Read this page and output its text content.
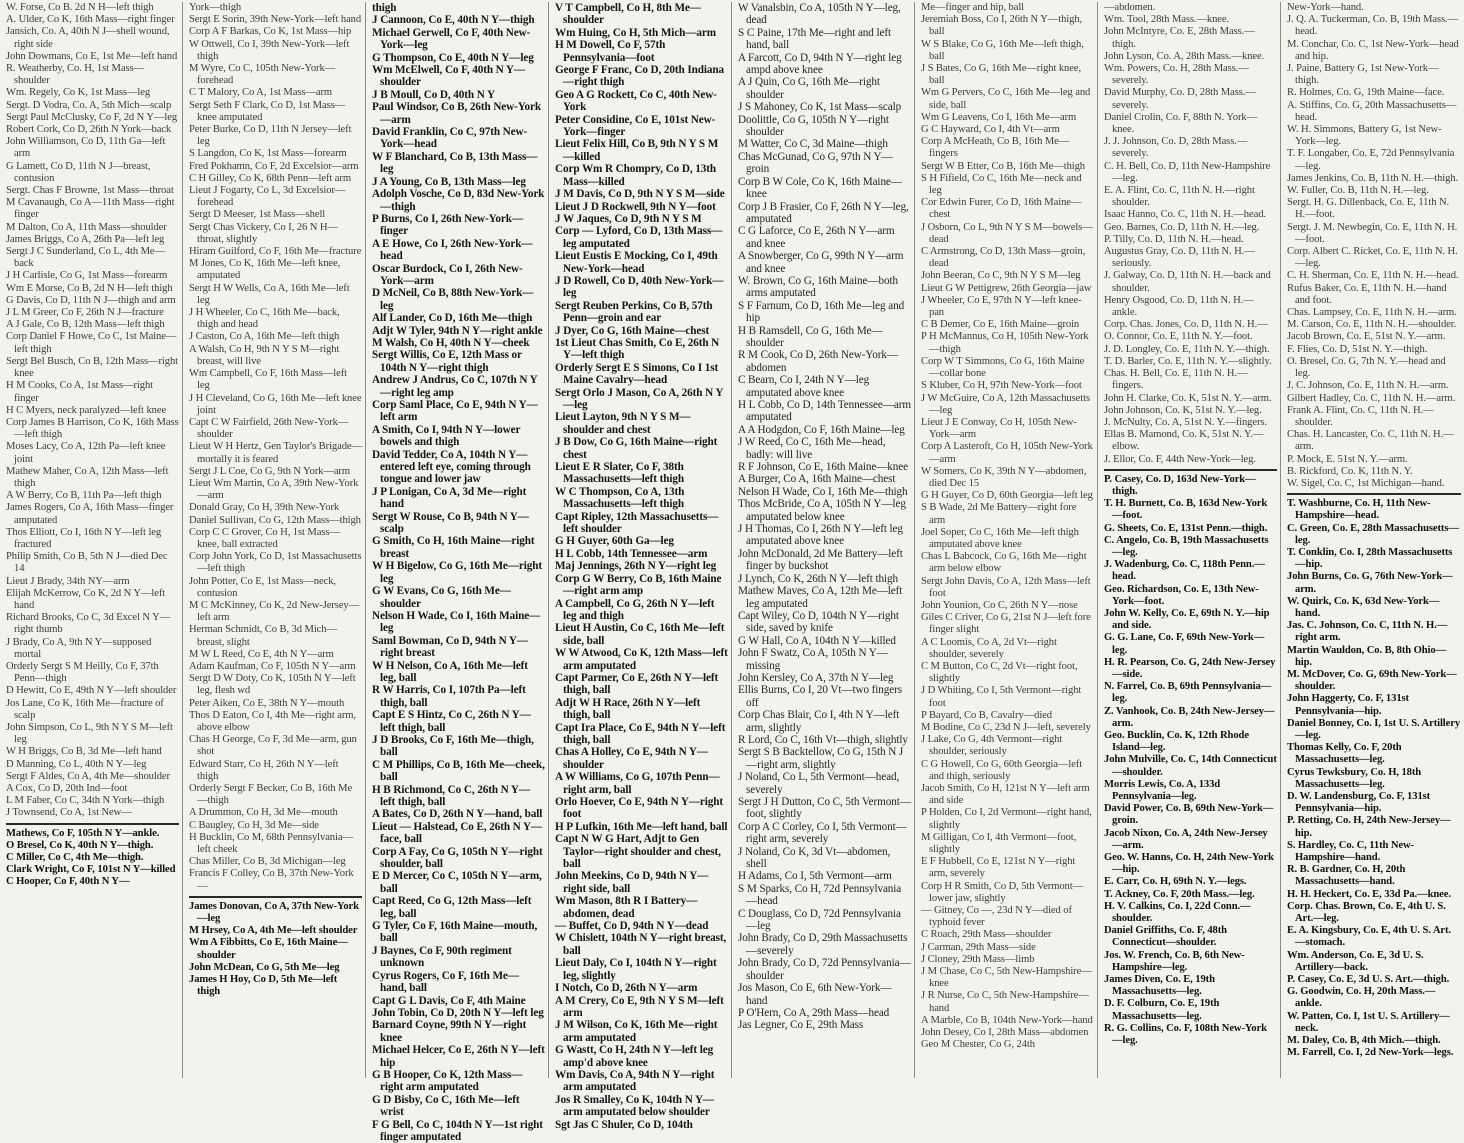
W. Forse, Co B. 2d N H—left thigh

A. Ulder, Co K, 16th Mass—right finger

Jansich, Co. A, 40th N J—shell wound, right side

John Dowmans, Co E, 1st Me—left hand

R. Weatherby, Co. H, 1st Mass—shoulder

Wm. Regely, Co K, 1st Mass—leg

Sergt. D Vodra, Co. A, 5th Mich—scalp

Sergt Paul McClusky, Co F, 2d N Y—leg

Robert Cork, Co D, 26th N York—back

John Williamson, Co D, 11th Ga—left arm

G Lamett, Co D, 11th N J—breast, contusion

Sergt. Chas F Browne, 1st Mass—throat

M Cavanaugh, Co A—11th Mass—right finger

M Dalton, Co A, 11th Mass—shoulder

James Briggs, Co A, 26th Pa—left leg

Sergt J C Sunderland, Co L, 4th Me—back

J H Carlisle, Co G, 1st Mass—forearm

Wm E Morse, Co B, 2d N H—left thigh

G Davis, Co D, 11th N J—thigh and arm

J L M Greer, Co F, 26th N J—fracture

A J Gale, Co B, 12th Mass—left thigh

Corp Daniel F Howe, Co C, 1st Maine—left thigh

Sergt Bel Busch, Co B, 12th Mass—right knee

H M Cooks, Co A, 1st Mass—right finger

H C Myers, neck paralyzed—left knee

Corp James B Harrison, Co K, 16th Mass—left thigh

Moses Lacy, Co A, 12th Pa—left knee joint

Mathew Maher, Co A, 12th Mass—left thigh

A W Berry, Co B, 11th Pa—left thigh

James Rogers, Co A, 16th Mass—finger amputated

Thos Elliott, Co I, 16th N Y—left leg fractured

Philip Smith, Co B, 5th N J—died Dec 14

Lieut J Brady, 34th NY—arm

Elijah McKerrow, Co K, 2d N Y—left hand

Richard Brooks, Co C, 3d Excel N Y—right thumb

J Brady, Co A, 9th N Y—supposed mortal

Orderly Sergt S M Heilly, Co F, 37th Penn—thigh

D Hewitt, Co E, 49th N Y—left shoulder

Jos Lane, Co K, 16th Me—fracture of scalp

John Simpson, Co L, 9th N Y S M—left leg

W H Briggs, Co B, 3d Me—left hand

D Manning, Co L, 40th N Y—leg

Sergt F Aldes, Co A, 4th Me—shoulder

A Cox, Co D, 20th Ind—foot

L M Faber, Co C, 34th N York—thigh

J Townsend, Co A, 1st New—

Mathews, Co F, 105th N Y—ankle.

O Bresel, Co K, 40th N Y—thigh.

C Miller, Co C, 4th Me—thigh.

Clark Wright, Co F, 101st N Y—killed

C Hooper, Co F, 40th N Y—

York—thigh

Sergt E Sorin, 39th New-York—left hand

Corp A F Barkas, Co K, 1st Mass—hip

W Ottwell, Co I, 39th New-York—left thigh

M Wyre, Co C, 105th New-York—forehead

C T Malory, Co A, 1st Mass—arm

Sergt Seth F Clark, Co D, 1st Mass—knee amputated

Peter Burke, Co D, 11th N Jersey—left leg

S Langdon, Co K, 1st Mass—forearm

Fred Pokhamn, Co F, 2d Excelsior—arm

C H Gilley, Co K, 68th Penn—left arm

Lieut J Fogarty, Co L, 3d Excelsior—forehead

Sergt D Meeser, 1st Mass—shell

Sergt Chas Vickery, Co I, 26 N H—throat, slightly

Hiram Guilford, Co F, 16th Me—fracture

M Jones, Co K, 16th Me—left knee, amputated

Sergt H W Wells, Co A, 16th Me—left leg

J H Wheeler, Co C, 16th Me—back, thigh and head

J Caston, Co A, 16th Me—left thigh

A Walsh, Co H, 9th N Y S M—right breast, will live

Wm Campbell, Co F, 16th Mass—left leg

J H Cleveland, Co G, 16th Me—left knee joint

Capt C W Fairfield, 26th New-York—shoulder

Lieut W H Hertz, Gen Taylor's Brigade—mortally it is feared

Sergt J L Coe, Co G, 9th N York—arm

Lieut Wm Martin, Co A, 39th New-York—arm

Donald Gray, Co H, 39th New-York

Daniel Sullivan, Co G, 12th Mass—thigh

Corp C C Grover, Co H, 1st Mass—knee, ball extracted

Corp John York, Co D, 1st Massachusetts—left thigh

John Potter, Co E, 1st Mass—neck, contusion

M C McKinney, Co K, 2d New-Jersey—left arm

Herman Schmidt, Co B, 3d Mich—breast, slight

M W L Reed, Co E, 4th N Y—arm

Adam Kaufman, Co F, 105th N Y—arm

Sergt D W Doty, Co K, 105th N Y—left leg, flesh wd

Peter Aiken, Co E, 38th N Y—mouth

Thos D Eaton, Co I, 4th Me—right arm, above elbow

Chas H George, Co F, 3d Me—arm, gun shot

Edward Starr, Co H, 26th N Y—left thigh

Orderly Sergt F Becker, Co B, 16th Me—thigh

A Drummon, Co H, 3d Me—mouth

C Baugley, Co H, 3d Me—side

H Bucklin, Co M, 68th Pennsylvania—left cheek

Chas Miller, Co B, 3d Michigan—leg

Francis F Colley, Co B, 37th New-York—

James Donovan, Co A, 37th New-York—leg

M Hrsey, Co A, 4th Me—left shoulder

Wm A Fibbitts, Co E, 16th Maine—shoulder

John McDean, Co G, 5th Me—leg

James H Hoy, Co D, 5th Me—left thigh

thigh

J Cannoon, Co E, 40th N Y—thigh

Michael Gerwell, Co F, 40th New-York—leg

G Thompson, Co E, 40th N Y—leg

Wm McElwell, Co F, 40th N Y—shoulder

J B Moull, Co D, 40th N Y

Paul Windsor, Co B, 26th New-York—arm

David Franklin, Co C, 97th New-York—head

W F Blanchard, Co B, 13th Mass—leg

J A Young, Co B, 13th Mass—leg

Adolph Vosche, Co D, 83d New-York—thigh

P Burns, Co I, 26th New-York—finger

A E Howe, Co I, 26th New-York—head

Oscar Burdock, Co I, 26th New-York—arm

D McNeil, Co B, 88th New-York—leg

Alf Lander, Co D, 16th Me—thigh

Adjt W Tyler, 94th N Y—right ankle

M Walsh, Co H, 40th N Y—cheek

Sergt Willis, Co E, 12th Mass or 104th N Y—right thigh

Andrew J Andrus, Co C, 107th N Y—right leg amp

Corp Saml Place, Co E, 94th N Y—left arm

A Smith, Co I, 94th N Y—lower bowels and thigh

David Tedder, Co A, 104th N Y—entered left eye, coming through tongue and lower jaw

J P Lonigan, Co A, 3d Me—right hand

Sergt W Rouse, Co B, 94th N Y—scalp

G Smith, Co H, 16th Maine—right breast

W H Bigelow, Co G, 16th Me—right leg

G W Evans, Co G, 16th Me—shoulder

Nelson H Wade, Co I, 16th Maine—leg

Saml Bowman, Co D, 94th N Y—right breast

W H Nelson, Co A, 16th Me—left leg, ball

R W Harris, Co I, 107th Pa—left thigh, ball

Capt E S Hintz, Co C, 26th N Y—left thigh, ball

J D Brooks, Co F, 16th Me—thigh, ball

C M Phillips, Co B, 16th Me—cheek, ball

H B Richmond, Co C, 26th N Y—left thigh, ball

A Bates, Co D, 26th N Y—hand, ball

Lieut — Halstead, Co E, 26th N Y—face, ball

Corp A Fay, Co G, 105th N Y—right shoulder, ball

E D Mercer, Co C, 105th N Y—arm, ball

Capt Reed, Co G, 12th Mass—left leg, ball

G Tyler, Co F, 16th Maine—mouth, ball

J Baynes, Co F, 90th regiment unknown

Cyrus Rogers, Co F, 16th Me—hand, ball

Capt G L Davis, Co F, 4th Maine

John Tobin, Co D, 20th N Y—left leg

Barnard Coyne, 99th N Y—right knee

Michael Helcer, Co E, 26th N Y—left hip

G B Hooper, Co K, 12th Mass—right arm amputated

G D Bisby, Co C, 16th Me—left wrist

F G Bell, Co C, 104th N Y—1st right finger amputated

V T Campbell, Co H, 8th Me—shoulder

Wm Huing, Co H, 5th Mich—arm

H M Dowell, Co F, 57th Pennsylvania—foot

George F Franc, Co D, 20th Indiana—right thigh

Geo A G Rockett, Co C, 40th New-York

Peter Considine, Co E, 101st New-York—finger

Lieut Felix Hill, Co B, 9th N Y S M—killed

Corp Wm R Chompry, Co D, 13th Mass—killed

J M Davis, Co D, 9th N Y S M—side

Lieut J D Rockwell, 9th N Y—foot

J W Jaques, Co D, 9th N Y S M

Corp — Lyford, Co D, 13th Mass—leg amputated

Lieut Eustis E Mocking, Co I, 49th New-York—head

J D Rowell, Co D, 40th New-York—leg

Sergt Reuben Perkins, Co B, 57th Penn—groin and ear

J Dyer, Co G, 16th Maine—chest

1st Lieut Chas Smith, Co E, 26th N Y—left thigh

Orderly Sergt E S Simons, Co I 1st Maine Cavalry—head

Sergt Orlo J Mason, Co A, 26th N Y—leg

Lieut Layton, 9th N Y S M—shoulder and chest

J B Dow, Co G, 16th Maine—right chest

Lieut E R Slater, Co F, 38th Massachusetts—left thigh

W C Thompson, Co A, 13th Massachusetts—left thigh

Capt Ripley, 12th Massachusetts—left shoulder

G H Guyer, 60th Ga—leg

H L Cobb, 14th Tennessee—arm

Maj Jennings, 26th N Y—right leg

Corp G W Berry, Co B, 16th Maine—right arm amp

A Campbell, Co G, 26th N Y—left leg and thigh

Lieut H Austin, Co C, 16th Me—left side, ball

W W Atwood, Co K, 12th Mass—left arm amputated

Capt Parmer, Co E, 26th N Y—left thigh, ball

Adjt W H Race, 26th N Y—left thigh, ball

Capt Ira Place, Co E, 94th N Y—left thigh, ball

Chas A Holley, Co E, 94th N Y—shoulder

A W Williams, Co G, 107th Penn—right arm, ball

Orlo Hoever, Co E, 94th N Y—right foot

H P Lufkin, 16th Me—left hand, ball

Capt N W G Hart, Adjt to Gen Taylor—right shoulder and chest, ball

John Meekins, Co D, 94th N Y—right side, ball

Wm Mason, 8th R I Battery—abdomen, dead

— Buffet, Co D, 94th N Y—dead

W Chislett, 104th N Y—right breast, ball

Lieut Daly, Co I, 104th N Y—right leg, slightly

I Notch, Co D, 26th N Y—arm

A M Crery, Co E, 9th N Y S M—left arm

J M Wilson, Co K, 16th Me—right arm amputated

G Wastt, Co H, 24th N Y—left leg amp'd above knee

Wm Davis, Co A, 94th N Y—right arm amputated

Jos R Smalley, Co K, 104th N Y—arm amputated below shoulder

Sgt Jas C Shuler, Co D, 104th

W Vanalsbin, Co A, 105th N Y—leg, dead

S C Paine, 17th Me—right and left hand, ball

A Farcott, Co D, 94th N Y—right leg ampd above knee

A J Quin, Co G, 16th Me—right shoulder

J S Mahoney, Co K, 1st Mass—scalp

Doolittle, Co G, 105th N Y—right shoulder

M Watter, Co C, 3d Maine—thigh

Chas McGunad, Co G, 97th N Y—groin

Corp B W Cole, Co K, 16th Maine—knee

Corp J B Frasier, Co F, 26th N Y—leg, amputated

C G Laforce, Co E, 26th N Y—arm and knee

A Snowberger, Co G, 99th N Y—arm and knee

W. Brown, Co G, 16th Maine—both arms amputated

S F Farnum, Co D, 16th Me—leg and hip

H B Ramsdell, Co G, 16th Me—shoulder

R M Cook, Co D, 26th New-York—abdomen

C Bearn, Co I, 24th N Y—leg amputated above knee

H L Cobb, Co D, 14th Tennessee—arm amputated

A A Hodgdon, Co F, 16th Maine—leg

J W Reed, Co C, 16th Me—head, badly: will live

R F Johnson, Co E, 16th Maine—knee

A Burger, Co A, 16th Maine—chest

Nelson H Wade, Co I, 16th Me—thigh

Thos McBride, Co A, 105th N Y—leg amputated below knee

J H Thomas, Co I, 26th N Y—left leg amputated above knee

John McDonald, 2d Me Battery—left finger by buckshot

J Lynch, Co K, 26th N Y—left thigh

Mathew Maves, Co A, 12th Me—left leg amputated

Capt Wiley, Co D, 104th N Y—right side, saved by knife

G W Hall, Co A, 104th N Y—killed

John F Swatz, Co A, 105th N Y—missing

John Kersley, Co A, 37th N Y—leg

Ellis Burns, Co I, 20 Vt—two fingers off

Corp Chas Blair, Co I, 4th N Y—left arm, slightly

R Lord, Co C, 16th Vt—thigh, slightly

Sergt S B Backtellow, Co G, 15th N J—right arm, slightly

J Noland, Co L, 5th Vermont—head, severely

Sergt J H Dutton, Co C, 5th Vermont—foot, slightly

Corp A C Corley, Co I, 5th Vermont—right arm, severely

J Noland, Co K, 3d Vt—abdomen, shell

H Adams, Co I, 5th Vermont—arm

S M Sparks, Co H, 72d Pennsylvania—head

C Douglass, Co D, 72d Pennsylvania—leg

John Brady, Co D, 29th Massachusetts—severely

John Brady, Co D, 72d Pennsylvania—shoulder

Jos Mason, Co E, 6th New-York—hand

P O'Hern, Co A, 29th Mass—head

Jas Legner, Co E, 29th Mass

Me—finger and hip, ball

Jeremiah Boss, Co I, 26th N Y—thigh, ball

W S Blake, Co G, 16th Me—left thigh, ball

J S Bates, Co G, 16th Me—right knee, ball

Wm G Pervers, Co C, 16th Me—leg and side, ball

Wm G Leavens, Co I, 16th Me—arm

G C Hayward, Co I, 4th Vt—arm

Corp A McHeath, Co B, 16th Me—fingers

Sergt W B Etter, Co B, 16th Me—thigh

S H Fifield, Co C, 16th Me—neck and leg

Cor Edwin Furer, Co D, 16th Maine—chest

J Osborn, Co L, 9th N Y S M—bowels—dead

C Armstrong, Co D, 13th Mass—groin, dead

John Beeran, Co C, 9th N Y S M—leg

Lieut G W Pettigrew, 26th Georgia—jaw

J Wheeler, Co E, 97th N Y—left knee-pan

C B Demer, Co E, 16th Maine—groin

P H McMannus, Co H, 105th New-York—thigh

Corp W T Simmons, Co G, 16th Maine—collar bone

S Kluber, Co H, 97th New-York—foot

J W McGuire, Co A, 12th Massachusetts—leg

Lieut J E Conway, Co H, 105th New-York—arm

Corp A Lasteroft, Co H, 105th New-York—arm

W Somers, Co K, 39th N Y—abdomen, died Dec 15

G H Guyer, Co D, 60th Georgia—left leg

S B Wade, 2d Me Battery—right fore arm

Joel Soper, Co C, 16th Me—left thigh amputated above knee

Chas L Babcock, Co G, 16th Me—right arm below elbow

Sergt John Davis, Co A, 12th Mass—left foot

John Younion, Co C, 26th N Y—nose

Giles C Criver, Co G, 21st N J—left fore finger slight

A C Loomis, Co A, 2d Vt—right shoulder, severely

C M Button, Co C, 2d Vt—right foot, slightly

J D Whiting, Co I, 5th Vermont—right foot

P Bayard, Co B, Cavalry—died

M Bodine, Co C, 23d N J—left, severely

J Lake, Co G, 4th Vermont—right shoulder, seriously

C G Howell, Co G, 60th Georgia—left and thigh, seriously

Jacob Smith, Co H, 121st N Y—left arm and side

P Holden, Co I, 2d Vermont—right hand, slightly

M Gilligan, Co I, 4th Vermont—foot, slightly

E F Hubbell, Co E, 121st N Y—right arm, severely

Corp H R Smith, Co D, 5th Vermont—lower jaw, slightly

— Gitney, Co —, 23d N Y—died of typhoid fever

C Roach, 29th Mass—shoulder

J Carman, 29th Mass—side

J Cloney, 29th Mass—limb

J M Chase, Co C, 5th New-Hampshire—knee

J R Nurse, Co C, 5th New-Hampshire—hand

A Marble, Co B, 104th New-York—hand

John Desey, Co I, 28th Mass—abdomen

Geo M Chester, Co G, 24th

—abdomen.

Wm. Tool, 28th Mass.—knee.

John McIntyre, Co. E, 28th Mass.—thigh.

John Lyson, Co. A, 28th Mass.—knee.

Wm. Powers, Co. H, 28th Mass.—severely.

David Murphy, Co. D, 28th Mass.—severely.

Daniel Crolin, Co. F, 88th N. York—knee.

J. J. Johnson, Co. D, 28th Mass.—severely.

C. H. Bell, Co. D, 11th New-Hampshire—leg.

E. A. Flint, Co. C, 11th N. H.—right shoulder.

Isaac Hanno, Co. C, 11th N. H.—head.

Geo. Barnes, Co. D, 11th N. H.—leg.

P. Tilly, Co. D, 11th N. H.—head.

Augustus Gray, Co. D, 11th N. H.—seriously.

J. Galway, Co. D, 11th N. H.—back and shoulder.

Henry Osgood, Co. D, 11th N. H.—ankle.

Corp. Chas. Jones, Co. D, 11th N. H.—

O. Connor, Co. E, 11th N. Y.—foot.

J. D. Longley, Co. E, 11th N. Y.—thigh.

T. D. Barler, Co. E, 11th N. Y.—slightly.

Chas. H. Bell, Co. E, 11th N. H.—fingers.

John H. Clarke, Co. K, 51st N. Y.—arm.

John Johnson, Co. K, 51st N. Y.—leg.

J. McNulty, Co. A, 51st N. Y.—fingers.

Ellas B. Mamond, Co. K, 51st N. Y.—elbow.

J. Ellor, Co. F, 44th New-York—leg.

P. Casey, Co. D, 163d New-York—thigh.

T. H. Burnett, Co. B, 163d New-York—foot.

G. Sheets, Co. E, 131st Penn.—thigh.

C. Angelo, Co. B, 19th Massachusetts—leg.

J. Wadenburg, Co. C, 118th Penn.—head.

Geo. Richardson, Co. E, 13th New-York—foot.

John W. Kelly, Co. E, 69th N. Y.—hip and side.

G. G. Lane, Co. F, 69th New-York—leg.

H. R. Pearson, Co. G, 24th New-Jersey—side.

N. Farrel, Co. B, 69th Pennsylvania—leg.

Z. Vanhook, Co. B, 24th New-Jersey—arm.

Geo. Bucklin, Co. K, 12th Rhode Island—leg.

John Mulville, Co. C, 14th Connecticut—shoulder.

Morris Lewis, Co. A, 133d Pennsylvania—leg.

David Power, Co. B, 69th New-York—groin.

Jacob Nixon, Co. A, 24th New-Jersey—arm.

Geo. W. Hanns, Co. H, 24th New-York—hip.

E. Carr, Co. H, 69th N. Y.—legs.

T. Ackney, Co. F, 20th Mass.—leg.

H. V. Calkins, Co. I, 22d Conn.—shoulder.

Daniel Griffiths, Co. F, 48th Connecticut—shoulder.

Jos. W. French, Co. B, 6th New-Hampshire—leg.

James Diven, Co. E, 19th Massachusetts—leg.

D. F. Colburn, Co. E, 19th Massachusetts—leg.

R. G. Collins, Co. F, 108th New-York—leg.

New-York—hand.

J. Q. A. Tuckerman, Co. B, 19th Mass.—head.

M. Conchar, Co. C, 1st New-York—head and hip.

J. Paine, Battery G, 1st New-York—thigh.

R. Holmes, Co. G, 19th Maine—face.

A. Stiffins, Co. G, 20th Massachusetts—head.

W. H. Simmons, Battery G, 1st New-York—leg.

T. F. Longaber, Co. E, 72d Pennsylvania—leg.

James Jenkins, Co. B, 11th N. H.—thigh.

W. Fuller, Co. B, 11th N. H.—leg.

Sergt. H. G. Dillenback, Co. E, 11th N. H.—foot.

Sergt. J. M. Newbegin, Co. E, 11th N. H.—foot.

Corp. Albert C. Ricket, Co. E, 11th N. H.—leg.

C. H. Sherman, Co. E, 11th N. H.—head.

Rufus Baker, Co. E, 11th N. H.—hand and foot.

Chas. Lampsey, Co. E, 11th N. H.—arm.

M. Carson, Co. E, 11th N. H.—shoulder.

Jacob Brown, Co. E, 51st N. Y.—arm.

F. Flies, Co. D, 51st N. Y.—thigh.

O. Bresel, Co. G, 7th N. Y.—head and leg.

J. C. Johnson, Co. E, 11th N. H.—arm.

Gilbert Hadley, Co. C, 11th N. H.—arm.

Frank A. Flint, Co. C, 11th N. H.—shoulder.

Chas. H. Lancaster, Co. C, 11th N. H.—arm.

P. Mock, E. 51st N. Y.—arm.

B. Rickford, Co. K, 11th N. Y.

W. Sigel, Co. C, 1st Michigan—hand.

T. Washburne, Co. H, 11th New-Hampshire—head.

C. Green, Co. E, 28th Massachusetts—leg.

T. Conklin, Co. I, 28th Massachusetts—hip.

John Burns, Co. G, 76th New-York—arm.

W. Quirk, Co. K, 63d New-York—hand.

Jas. C. Johnson, Co. C, 11th N. H.—right arm.

Martin Wauldon, Co. B, 8th Ohio—hip.

M. McDover, Co. G, 69th New-York—shoulder.

John Haggerty, Co. F, 131st Pennsylvania—hip.

Daniel Bonney, Co. I, 1st U. S. Artillery—leg.

Thomas Kelly, Co. F, 20th Massachusetts—leg.

Cyrus Tewksbury, Co. H, 18th Massachusetts—leg.

D. W. Landensburg, Co. F, 131st Pennsylvania—hip.

P. Retting, Co. H, 24th New-Jersey—hip.

S. Hardley, Co. C, 11th New-Hampshire—hand.

R. B. Gardner, Co. H, 20th Massachusetts—hand.

H. H. Heckert, Co. E, 33d Pa.—knee.

Corp. Chas. Brown, Co. E, 4th U. S. Art.—leg.

E. A. Kingsbury, Co. E, 4th U. S. Art.—stomach.

Wm. Anderson, Co. E, 3d U. S. Artillery—back.

P. Casey, Co. E, 3d U. S. Art.—thigh.

G. Goodwin, Co. H, 20th Mass.—ankle.

W. Patten, Co. I, 1st U. S. Artillery—neck.

M. Daley, Co. B, 4th Mich.—thigh.

M. Farrell, Co. I, 2d New-York—legs.
